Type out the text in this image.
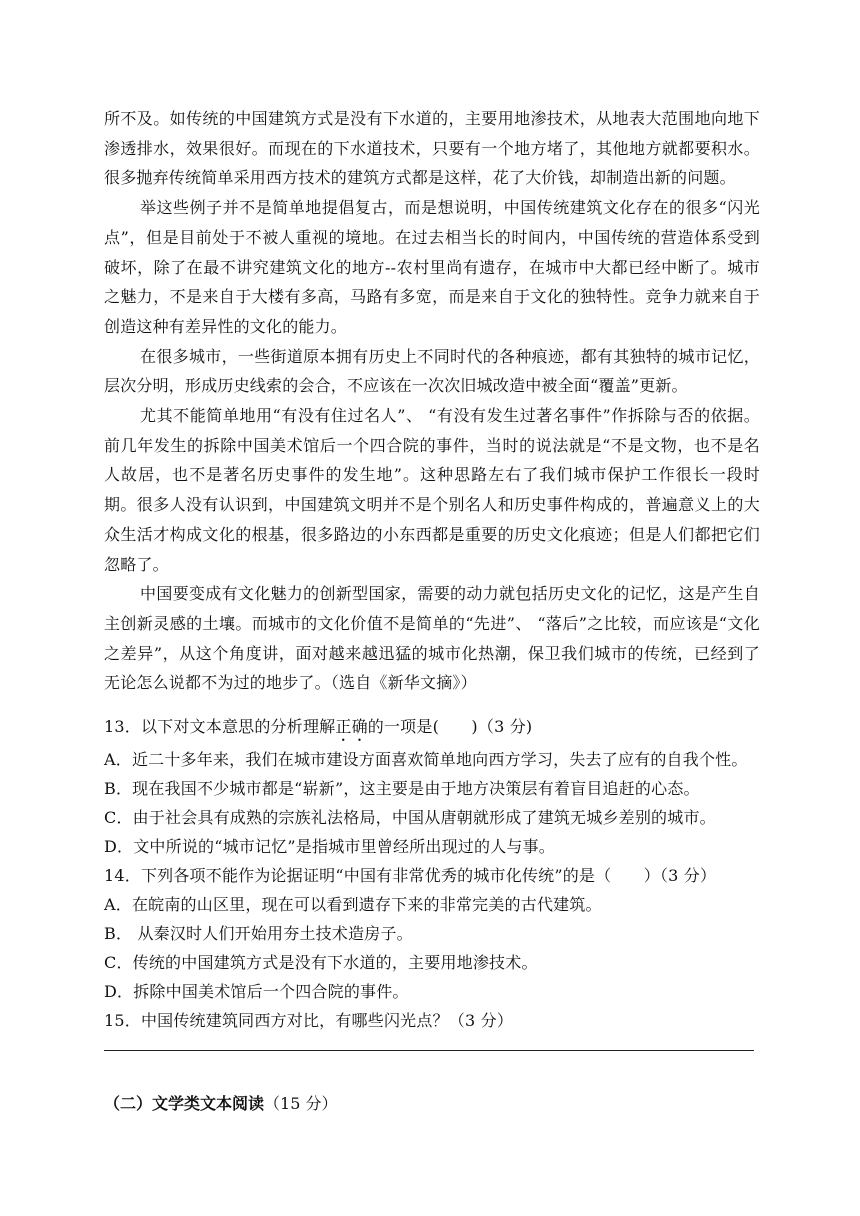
所不及。如传统的中国建筑方式是没有下水道的，主要用地渗技术，从地表大范围地向地下渗透排水，效果很好。而现在的下水道技术，只要有一个地方堵了，其他地方就都要积水。很多抛弃传统简单采用西方技术的建筑方式都是这样，花了大价钱，却制造出新的问题。

举这些例子并不是简单地提倡复古，而是想说明，中国传统建筑文化存在的很多“闪光点”，但是目前处于不被人重视的境地。在过去相当长的时间内，中国传统的营造体系受到破坏，除了在最不讲究建筑文化的地方--农村里尚有遗存，在城市中大都已经中断了。城市之魅力，不是来自于大楼有多高，马路有多宽，而是来自于文化的独特性。竞争力就来自于创造这种有差异性的文化的能力。

在很多城市，一些街道原本拥有历史上不同时代的各种痕迹，都有其独特的城市记忆，层次分明，形成历史线索的会合，不应该在一次次旧城改造中被全面“覆盖”更新。

尤其不能简单地用“有没有住过名人”、 “有没有发生过著名事件”作拆除与否的依据。前几年发生的拆除中国美术馆后一个四合院的事件，当时的说法就是“不是文物，也不是名人故居，也不是著名历史事件的发生地”。这种思路左右了我们城市保护工作很长一段时期。很多人没有认识到，中国建筑文明并不是个别名人和历史事件构成的，普遍意义上的大众生活才构成文化的根基，很多路边的小东西都是重要的历史文化痕迹；但是人们都把它们忽略了。

中国要变成有文化魅力的创新型国家，需要的动力就包括历史文化的记忆，这是产生自主创新灵感的土壤。而城市的文化价值不是简单的“先进”、 “落后”之比较，而应该是“文化之差异”，从这个角度讲，面对越来越迅猛的城市化热潮，保卫我们城市的传统，已经到了无论怎么说都不为过的地步了。（选自《新华文摘》）

13．以下对文本意思的分析理解正确的一项是(　　)（3 分)

A．近二十多年来，我们在城市建设方面喜欢简单地向西方学习，失去了应有的自我个性。

B．现在我国不少城市都是“崭新”，这主要是由于地方决策层有着盲目追赶的心态。

C．由于社会具有成熟的宗族礼法格局，中国从唐朝就形成了建筑无城乡差别的城市。

D．文中所说的“城市记忆”是指城市里曾经所出现过的人与事。

14．下列各项不能作为论据证明“中国有非常优秀的城市化传统”的是（　　）（3 分）

A．在皖南的山区里，现在可以看到遗存下来的非常完美的古代建筑。

B． 从秦汉时人们开始用夯土技术造房子。

C．传统的中国建筑方式是没有下水道的，主要用地渗技术。

D．拆除中国美术馆后一个四合院的事件。

15．中国传统建筑同西方对比，有哪些闪光点？（3 分）

（二）文学类文本阅读（15 分）
